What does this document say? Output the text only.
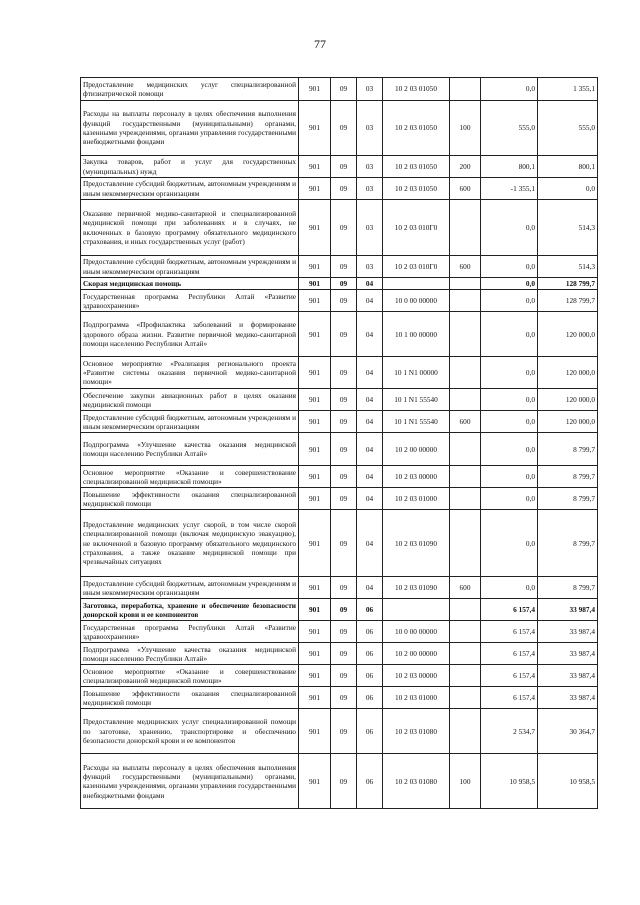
77
Предоставление медицинских услуг специализированной фтизиатрической помощи	901	09	03	10 2 03 01050		0,0	1 355,1
Расходы на выплаты персоналу в целях обеспечения выполнения функций государственными (муниципальными) органами, казенными учреждениями, органами управления государственными внебюджетными фондами	901	09	03	10 2 03 01050	100	555,0	555,0
Закупка товаров, работ и услуг для государственных (муниципальных) нужд	901	09	03	10 2 03 01050	200	800,1	800,1
Предоставление субсидий бюджетным, автономным учреждениям и иным некоммерческим организациям	901	09	03	10 2 03 01050	600	-1 355,1	0,0
Оказание первичной медико-санитарной и специализированной медицинской помощи при заболеваниях и в случаях, не включенных в базовую программу обязательного медицинского страхования, и иных государственных услуг (работ)	901	09	03	10 2 03 010Г0		0,0	514,3
Предоставление субсидий бюджетным, автономным учреждениям и иным некоммерческим организациям	901	09	03	10 2 03 010Г0	600	0,0	514,3
Скорая медицинская помощь	901	09	04			0,0	128 799,7
Государственная программа Республики Алтай «Развитие здравоохранения»	901	09	04	10 0 00 00000		0,0	128 799,7
Подпрограмма «Профилактика заболеваний и формирование здорового образа жизни. Развитие первичной медико-санитарной помощи населению Республики Алтай»	901	09	04	10 1 00 00000		0,0	120 000,0
Основное мероприятие «Реализация регионального проекта «Развитие системы оказания первичной медико-санитарной помощи»	901	09	04	10 1 N1 00000		0,0	120 000,0
Обеспечение закупки авиационных работ в целях оказания медицинской помощи	901	09	04	10 1 N1 55540		0,0	120 000,0
Предоставление субсидий бюджетным, автономным учреждениям и иным некоммерческим организациям	901	09	04	10 1 N1 55540	600	0,0	120 000,0
Подпрограмма «Улучшение качества оказания медицинской помощи населению Республики Алтай»	901	09	04	10 2 00 00000		0,0	8 799,7
Основное мероприятие «Оказание и совершенствование специализированной медицинской помощи»	901	09	04	10 2 03 00000		0,0	8 799,7
Повышение эффективности оказания специализированной медицинской помощи	901	09	04	10 2 03 01000		0,0	8 799,7
Предоставление медицинских услуг скорой, в том числе скорой специализированной помощи (включая медицинскую эвакуацию), не включенной в базовую программу обязательного медицинского страхования, а также оказание медицинской помощи при чрезвычайных ситуациях	901	09	04	10 2 03 01090		0,0	8 799,7
Предоставление субсидий бюджетным, автономным учреждениям и иным некоммерческим организациям	901	09	04	10 2 03 01090	600	0,0	8 799,7
Заготовка, переработка, хранение и обеспечение безопасности донорской крови и ее компонентов	901	09	06			6 157,4	33 987,4
Государственная программа Республики Алтай «Развитие здравоохранения»	901	09	06	10 0 00 00000		6 157,4	33 987,4
Подпрограмма «Улучшение качества оказания медицинской помощи населению Республики Алтай»	901	09	06	10 2 00 00000		6 157,4	33 987,4
Основное мероприятие «Оказание и совершенствование специализированной медицинской помощи»	901	09	06	10 2 03 00000		6 157,4	33 987,4
Повышение эффективности оказания специализированной медицинской помощи	901	09	06	10 2 03 01000		6 157,4	33 987,4
Предоставление медицинских услуг специализированной помощи по заготовке, хранению, транспортировке и обеспечению безопасности донорской крови и ее компонентов	901	09	06	10 2 03 01080		2 534,7	30 364,7
Расходы на выплаты персоналу в целях обеспечения выполнения функций государственными (муниципальными) органами, казенными учреждениями, органами управления государственными внебюджетными фондами	901	09	06	10 2 03 01080	100	10 958,5	10 958,5
